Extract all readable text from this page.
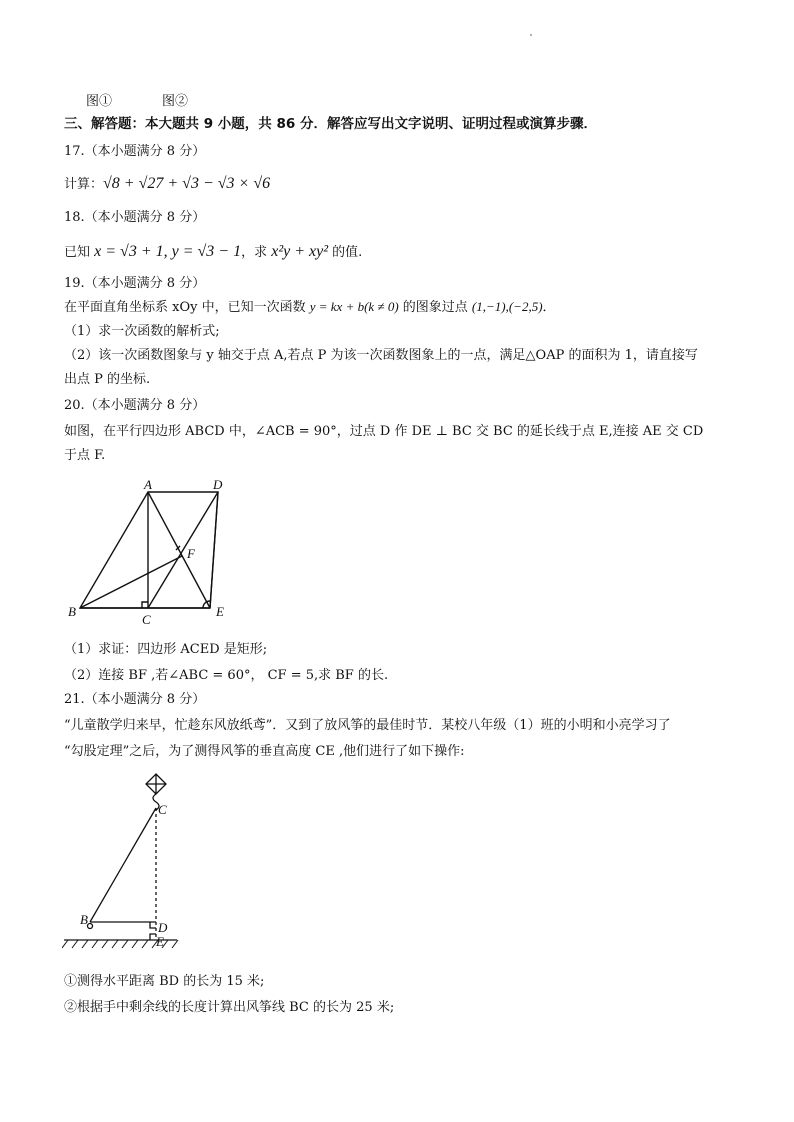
图①	图②
三、解答题：本大题共 9 小题，共 86 分．解答应写出文字说明、证明过程或演算步骤．
17.（本小题满分 8 分）
计算：√8 + √27 + √3 − √3 × √6
18.（本小题满分 8 分）
已知 x = √3 + 1, y = √3 − 1，求 x²y + xy² 的值.
19.（本小题满分 8 分）
在平面直角坐标系 xOy 中，已知一次函数 y = kx + b(k ≠ 0) 的图象过点 (1,−1),(−2,5)．
（1）求一次函数的解析式;
（2）该一次函数图象与 y 轴交于点 A,若点 P 为该一次函数图象上的一点，满足△OAP 的面积为 1，请直接写
出点 P 的坐标.
20.（本小题满分 8 分）
如图，在平行四边形 ABCD 中，∠ACB = 90°，过点 D 作 DE ⊥ BC 交 BC 的延长线于点 E,连接 AE 交 CD
于点 F.
A	D
B
C
E
F
（1）求证：四边形 ACED 是矩形;
（2）连接 BF ,若∠ABC = 60°， CF = 5,求 BF 的长.
21.（本小题满分 8 分）
“儿童散学归来早，忙趁东风放纸鸢”．又到了放风筝的最佳时节．某校八年级（1）班的小明和小亮学习了
“勾股定理”之后，为了测得风筝的垂直高度 CE ,他们进行了如下操作:
C
B
D
E
①测得水平距离 BD 的长为 15 米;
②根据手中剩余线的长度计算出风筝线 BC 的长为 25 米;
